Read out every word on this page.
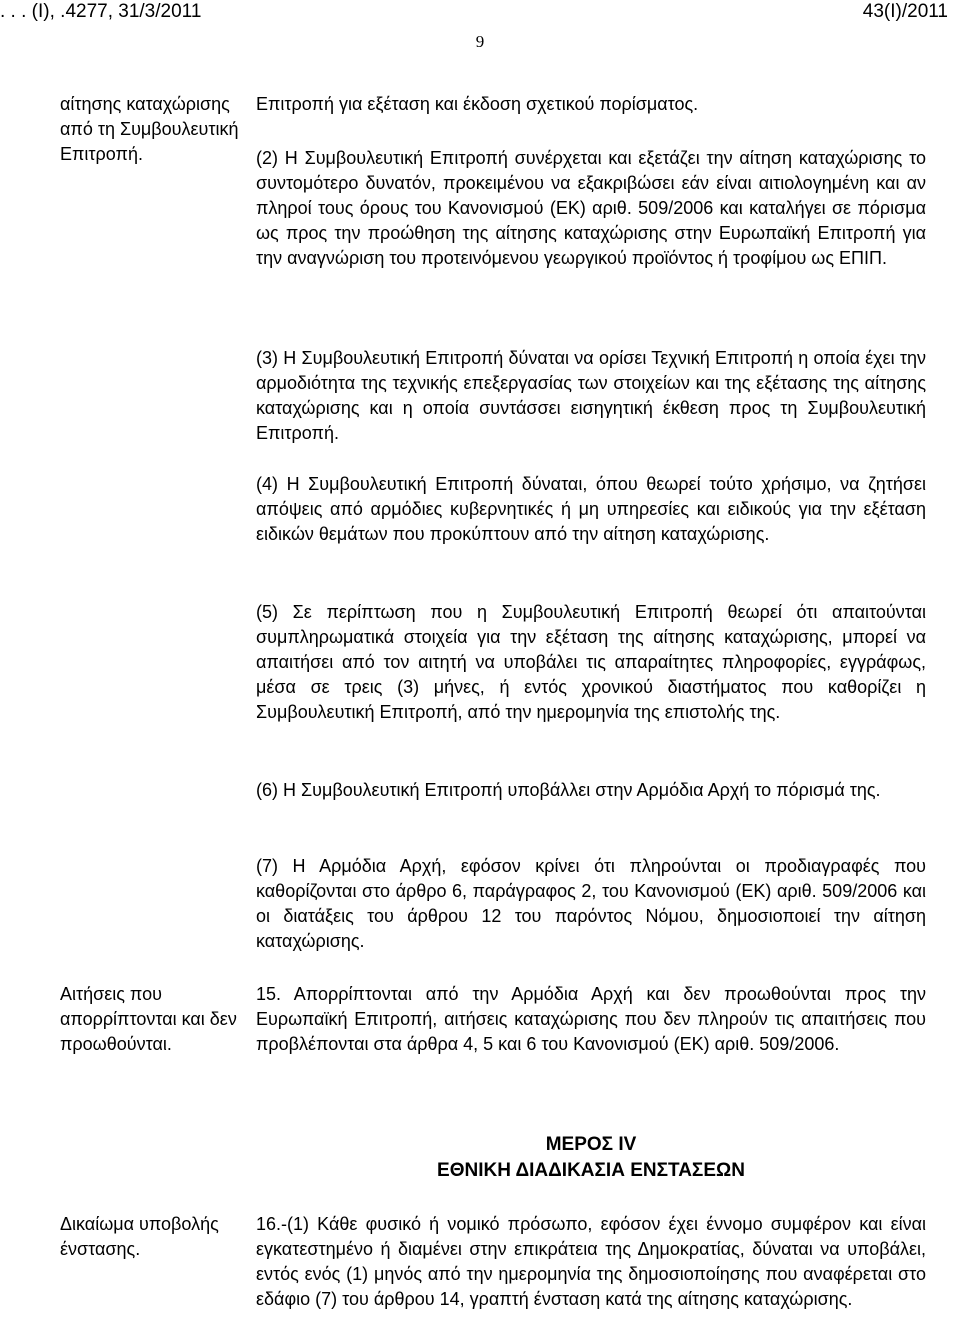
. . . (Ι), .4277, 31/3/2011	43(Ι)/2011
9
αίτησης καταχώρισης από τη Συμβουλευτική Επιτροπή.
Αιτήσεις που απορρίπτονται και δεν προωθούνται.
Δικαίωμα υποβολής ένστασης.
Επιτροπή για εξέταση και έκδοση σχετικού πορίσματος.
(2) Η Συμβουλευτική Επιτροπή συνέρχεται και εξετάζει την αίτηση καταχώρισης το συντομότερο δυνατόν, προκειμένου να εξακριβώσει εάν είναι αιτιολογημένη και αν πληροί τους όρους του Κανονισμού (ΕΚ) αριθ. 509/2006 και καταλήγει σε πόρισμα ως προς την προώθηση της αίτησης καταχώρισης στην Ευρωπαϊκή Επιτροπή για την αναγνώριση του προτεινόμενου γεωργικού προϊόντος ή τροφίμου ως ΕΠΙΠ.
(3) Η Συμβουλευτική Επιτροπή δύναται να ορίσει Τεχνική Επιτροπή η οποία έχει την αρμοδιότητα της τεχνικής επεξεργασίας των στοιχείων και της εξέτασης της αίτησης καταχώρισης και η οποία συντάσσει εισηγητική έκθεση προς τη Συμβουλευτική Επιτροπή.
(4) Η Συμβουλευτική Επιτροπή δύναται, όπου θεωρεί τούτο χρήσιμο, να ζητήσει απόψεις από αρμόδιες κυβερνητικές ή μη υπηρεσίες και ειδικούς για την εξέταση ειδικών θεμάτων που προκύπτουν από την αίτηση καταχώρισης.
(5) Σε περίπτωση που η Συμβουλευτική Επιτροπή θεωρεί ότι απαιτούνται συμπληρωματικά στοιχεία για την εξέταση της αίτησης καταχώρισης, μπορεί να απαιτήσει από τον αιτητή να υποβάλει τις απαραίτητες πληροφορίες, εγγράφως, μέσα σε τρεις (3) μήνες, ή εντός χρονικού διαστήματος που καθορίζει η Συμβουλευτική Επιτροπή, από την ημερομηνία της επιστολής της.
(6) Η Συμβουλευτική Επιτροπή υποβάλλει στην Αρμόδια Αρχή το πόρισμά της.
(7) Η Αρμόδια Αρχή, εφόσον κρίνει ότι πληρούνται οι προδιαγραφές που καθορίζονται στο άρθρο 6, παράγραφος 2, του Κανονισμού (ΕΚ) αριθ. 509/2006 και οι διατάξεις του άρθρου 12 του παρόντος Νόμου, δημοσιοποιεί την αίτηση καταχώρισης.
15. Απορρίπτονται από την Αρμόδια Αρχή και δεν προωθούνται προς την Ευρωπαϊκή Επιτροπή, αιτήσεις καταχώρισης που δεν πληρούν τις απαιτήσεις που προβλέπονται στα άρθρα 4, 5 και 6 του Κανονισμού (ΕΚ) αριθ. 509/2006.
ΜΕΡΟΣ IV
ΕΘΝΙΚΗ ΔΙΑΔΙΚΑΣΙΑ ΕΝΣΤΑΣΕΩΝ
16.-(1) Κάθε φυσικό ή νομικό πρόσωπο, εφόσον έχει έννομο συμφέρον και είναι εγκατεστημένο ή διαμένει στην επικράτεια της Δημοκρατίας, δύναται να υποβάλει, εντός ενός (1) μηνός από την ημερομηνία της δημοσιοποίησης που αναφέρεται στο εδάφιο (7) του άρθρου 14, γραπτή ένσταση κατά της αίτησης καταχώρισης.
